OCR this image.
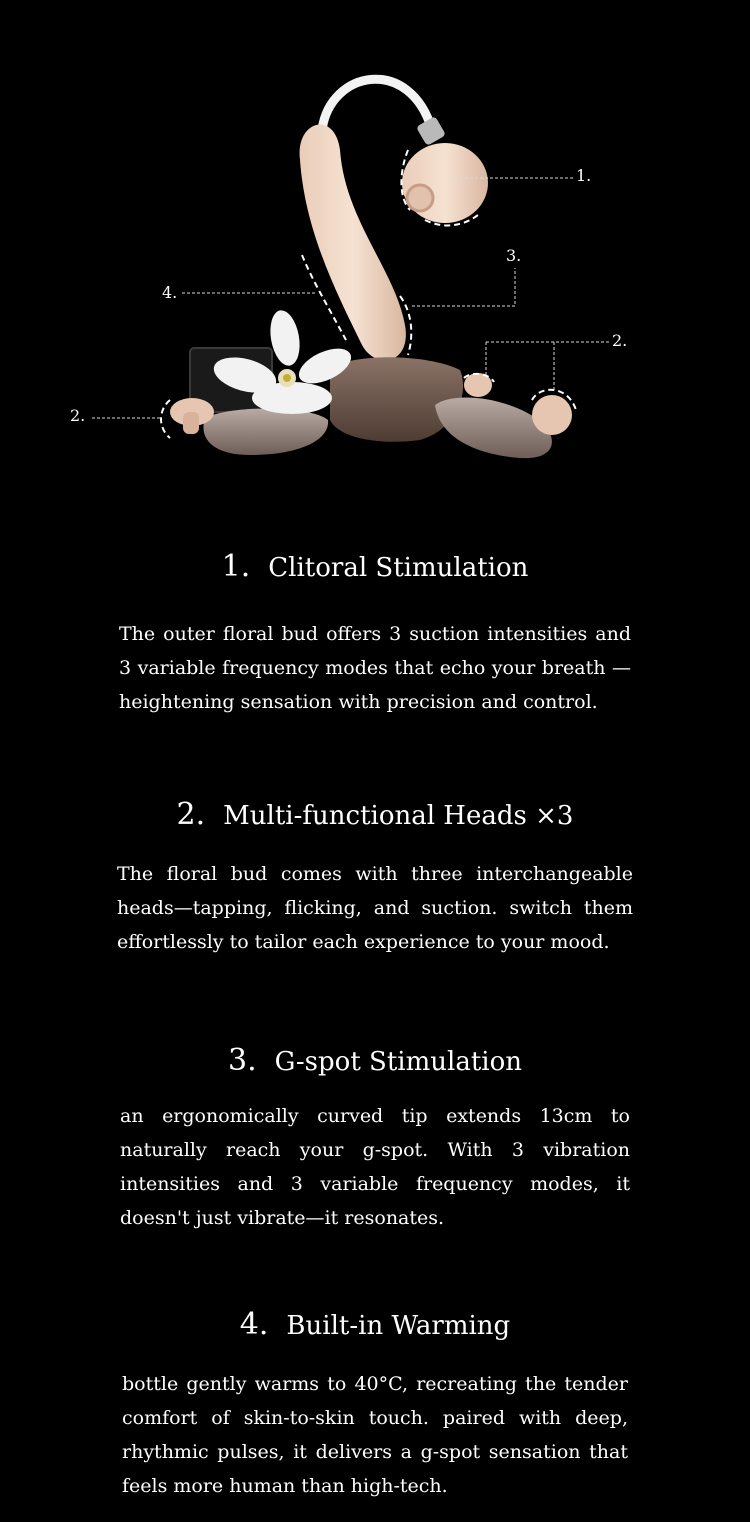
1.
3.
4.
2.
2.
1. Clitoral Stimulation

The outer floral bud offers 3 suction intensities and 3 variable frequency modes that echo your breath —heightening sensation with precision and control.

2. Multi-functional Heads ×3

The floral bud comes with three interchangeable heads—tapping, flicking, and suction. switch them effortlessly to tailor each experience to your mood.

3. G-spot Stimulation

an ergonomically curved tip extends 13cm to naturally reach your g-spot. With 3 vibration intensities and 3 variable frequency modes, it doesn't just vibrate—it resonates.

4. Built-in Warming

bottle gently warms to 40°C, recreating the tender comfort of skin-to-skin touch. paired with deep, rhythmic pulses, it delivers a g-spot sensation that feels more human than high-tech.
